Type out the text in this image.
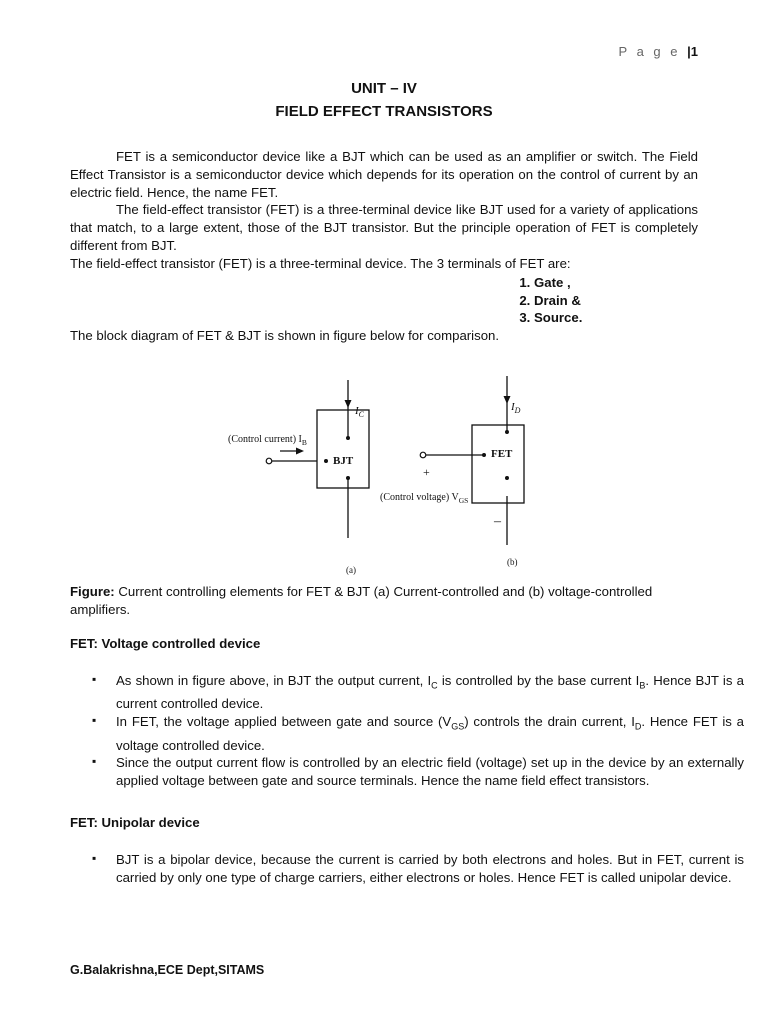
P a g e |1
UNIT – IV
FIELD EFFECT TRANSISTORS

FET is a semiconductor device like a BJT which can be used as an amplifier or switch. The Field Effect Transistor is a semiconductor device which depends for its operation on the control of current by an electric field. Hence, the name FET.

The field-effect transistor (FET) is a three-terminal device like BJT used for a variety of applications that match, to a large extent, those of the BJT transistor. But the principle operation of FET is completely different from BJT.

The field-effect transistor (FET) is a three-terminal device. The 3 terminals of FET are:

1. Gate ,
2. Drain &
3. Source.
The block diagram of FET & BJT is shown in figure below for comparison.
BJT
FET
$I_C$
$I_D$
(Control current) $I_B$
+
(Control voltage) $V_{GS}$
–
(a)
(b)
Figure: Current controlling elements for FET & BJT (a) Current-controlled and (b) voltage-controlled amplifiers.
FET: Voltage controlled device
▪ As shown in figure above, in BJT the output current, $I_C$ is controlled by the base current $I_B$. Hence BJT is a current controlled device.
▪ In FET, the voltage applied between gate and source $(V_{GS})$ controls the drain current, $I_D$. Hence FET is a voltage controlled device.
▪ Since the output current flow is controlled by an electric field (voltage) set up in the device by an externally applied voltage between gate and source terminals. Hence the name field effect transistors.
FET: Unipolar device
▪ BJT is a bipolar device, because the current is carried by both electrons and holes. But in FET, current is carried by only one type of charge carriers, either electrons or holes. Hence FET is called unipolar device.
G.Balakrishna,ECE Dept,SITAMS
